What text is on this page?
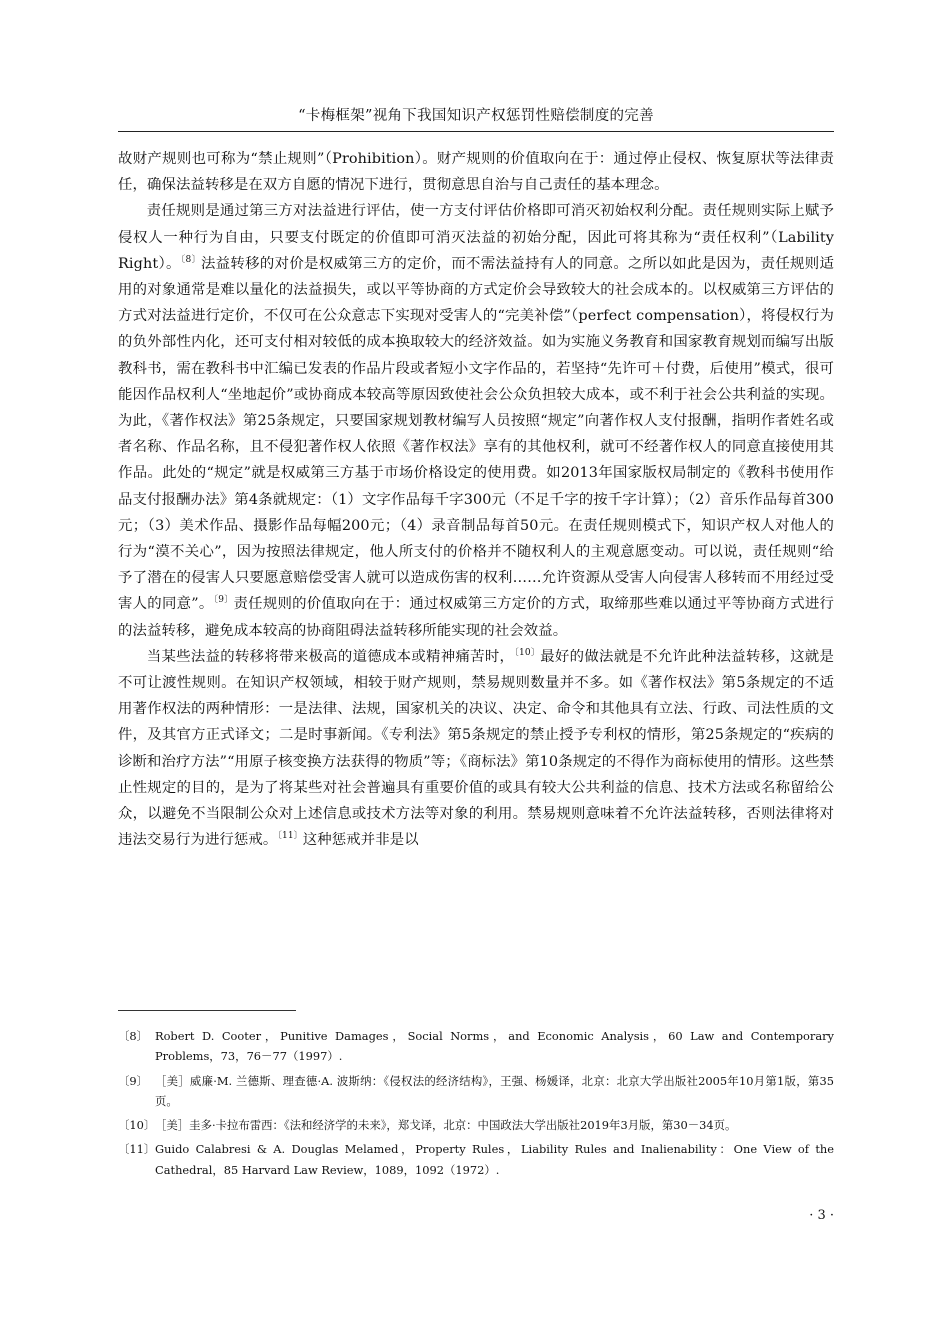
“卡梅框架”视角下我国知识产权惩罚性赔偿制度的完善

故财产规则也可称为“禁止规则”（Prohibition）。财产规则的价值取向在于：通过停止侵权、恢复原状等法律责任，确保法益转移是在双方自愿的情况下进行，贯彻意思自治与自己责任的基本理念。

责任规则是通过第三方对法益进行评估，使一方支付评估价格即可消灭初始权利分配。责任规则实际上赋予侵权人一种行为自由，只要支付既定的价值即可消灭法益的初始分配，因此可将其称为“责任权利”（Lability Right）。$^{〔8〕}$法益转移的对价是权威第三方的定价，而不需法益持有人的同意。之所以如此是因为，责任规则适用的对象通常是难以量化的法益损失，或以平等协商的方式定价会导致较大的社会成本的。以权威第三方评估的方式对法益进行定价，不仅可在公众意志下实现对受害人的“完美补偿”（perfect compensation），将侵权行为的负外部性内化，还可支付相对较低的成本换取较大的经济效益。如为实施义务教育和国家教育规划而编写出版教科书，需在教科书中汇编已发表的作品片段或者短小文字作品的，若坚持“先许可＋付费，后使用”模式，很可能因作品权利人“坐地起价”或协商成本较高等原因致使社会公众负担较大成本，或不利于社会公共利益的实现。为此，《著作权法》第25条规定，只要国家规划教材编写人员按照“规定”向著作权人支付报酬，指明作者姓名或者名称、作品名称，且不侵犯著作权人依照《著作权法》享有的其他权利，就可不经著作权人的同意直接使用其作品。此处的“规定”就是权威第三方基于市场价格设定的使用费。如2013年国家版权局制定的《教科书使用作品支付报酬办法》第4条就规定：（1）文字作品每千字300元（不足千字的按千字计算）；（2）音乐作品每首300元；（3）美术作品、摄影作品每幅200元；（4）录音制品每首50元。在责任规则模式下，知识产权人对他人的行为“漠不关心”，因为按照法律规定，他人所支付的价格并不随权利人的主观意愿变动。可以说，责任规则“给予了潜在的侵害人只要愿意赔偿受害人就可以造成伤害的权利……允许资源从受害人向侵害人移转而不用经过受害人的同意”。$^{〔9〕}$责任规则的价值取向在于：通过权威第三方定价的方式，取缔那些难以通过平等协商方式进行的法益转移，避免成本较高的协商阻碍法益转移所能实现的社会效益。

当某些法益的转移将带来极高的道德成本或精神痛苦时，$^{〔10〕}$最好的做法就是不允许此种法益转移，这就是不可让渡性规则。在知识产权领域，相较于财产规则，禁易规则数量并不多。如《著作权法》第5条规定的不适用著作权法的两种情形：一是法律、法规，国家机关的决议、决定、命令和其他具有立法、行政、司法性质的文件，及其官方正式译文；二是时事新闻。《专利法》第5条规定的禁止授予专利权的情形，第25条规定的“疾病的诊断和治疗方法”“用原子核变换方法获得的物质”等；《商标法》第10条规定的不得作为商标使用的情形。这些禁止性规定的目的，是为了将某些对社会普遍具有重要价值的或具有较大公共利益的信息、技术方法或名称留给公众，以避免不当限制公众对上述信息或技术方法等对象的利用。禁易规则意味着不允许法益转移，否则法律将对违法交易行为进行惩戒。$^{〔11〕}$这种惩戒并非是以

〔8〕 Robert D. Cooter，Punitive Damages，Social Norms，and Economic Analysis，60 Law and Contemporary Problems，73，76－77（1997）.
〔9〕 ［美］威廉·M. 兰德斯、理查德·A. 波斯纳：《侵权法的经济结构》，王强、杨媛译，北京：北京大学出版社2005年10月第1版，第35页。
〔10〕 ［美］圭多·卡拉布雷西：《法和经济学的未来》，郑戈译，北京：中国政法大学出版社2019年3月版，第30－34页。
〔11〕 Guido Calabresi & A. Douglas Melamed，Property Rules，Liability Rules and Inalienability：One View of the Cathedral，85 Harvard Law Review，1089，1092（1972）.
· 3 ·
